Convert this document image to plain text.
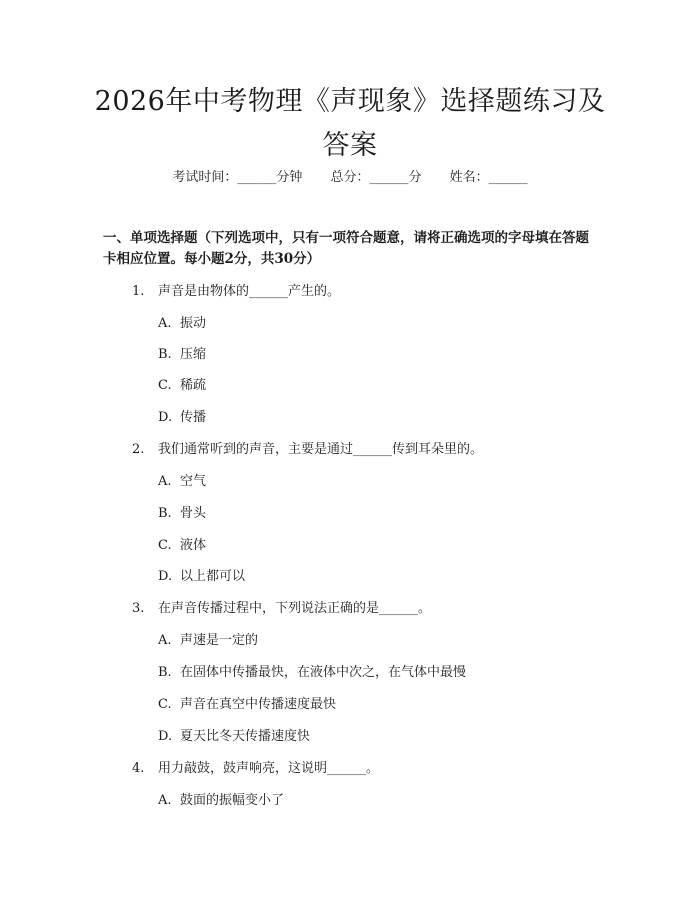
2026年中考物理《声现象》选择题练习及答案
考试时间：______分钟 总分：______分 姓名：______
一、单项选择题（下列选项中，只有一项符合题意，请将正确选项的字母填在答题卡相应位置。每小题2分，共30分）
1. 声音是由物体的______产生的。
A. 振动
B. 压缩
C. 稀疏
D. 传播
2. 我们通常听到的声音，主要是通过______传到耳朵里的。
A. 空气
B. 骨头
C. 液体
D. 以上都可以
3. 在声音传播过程中，下列说法正确的是______。
A. 声速是一定的
B. 在固体中传播最快，在液体中次之，在气体中最慢
C. 声音在真空中传播速度最快
D. 夏天比冬天传播速度快
4. 用力敲鼓，鼓声响亮，这说明______。
A. 鼓面的振幅变小了
